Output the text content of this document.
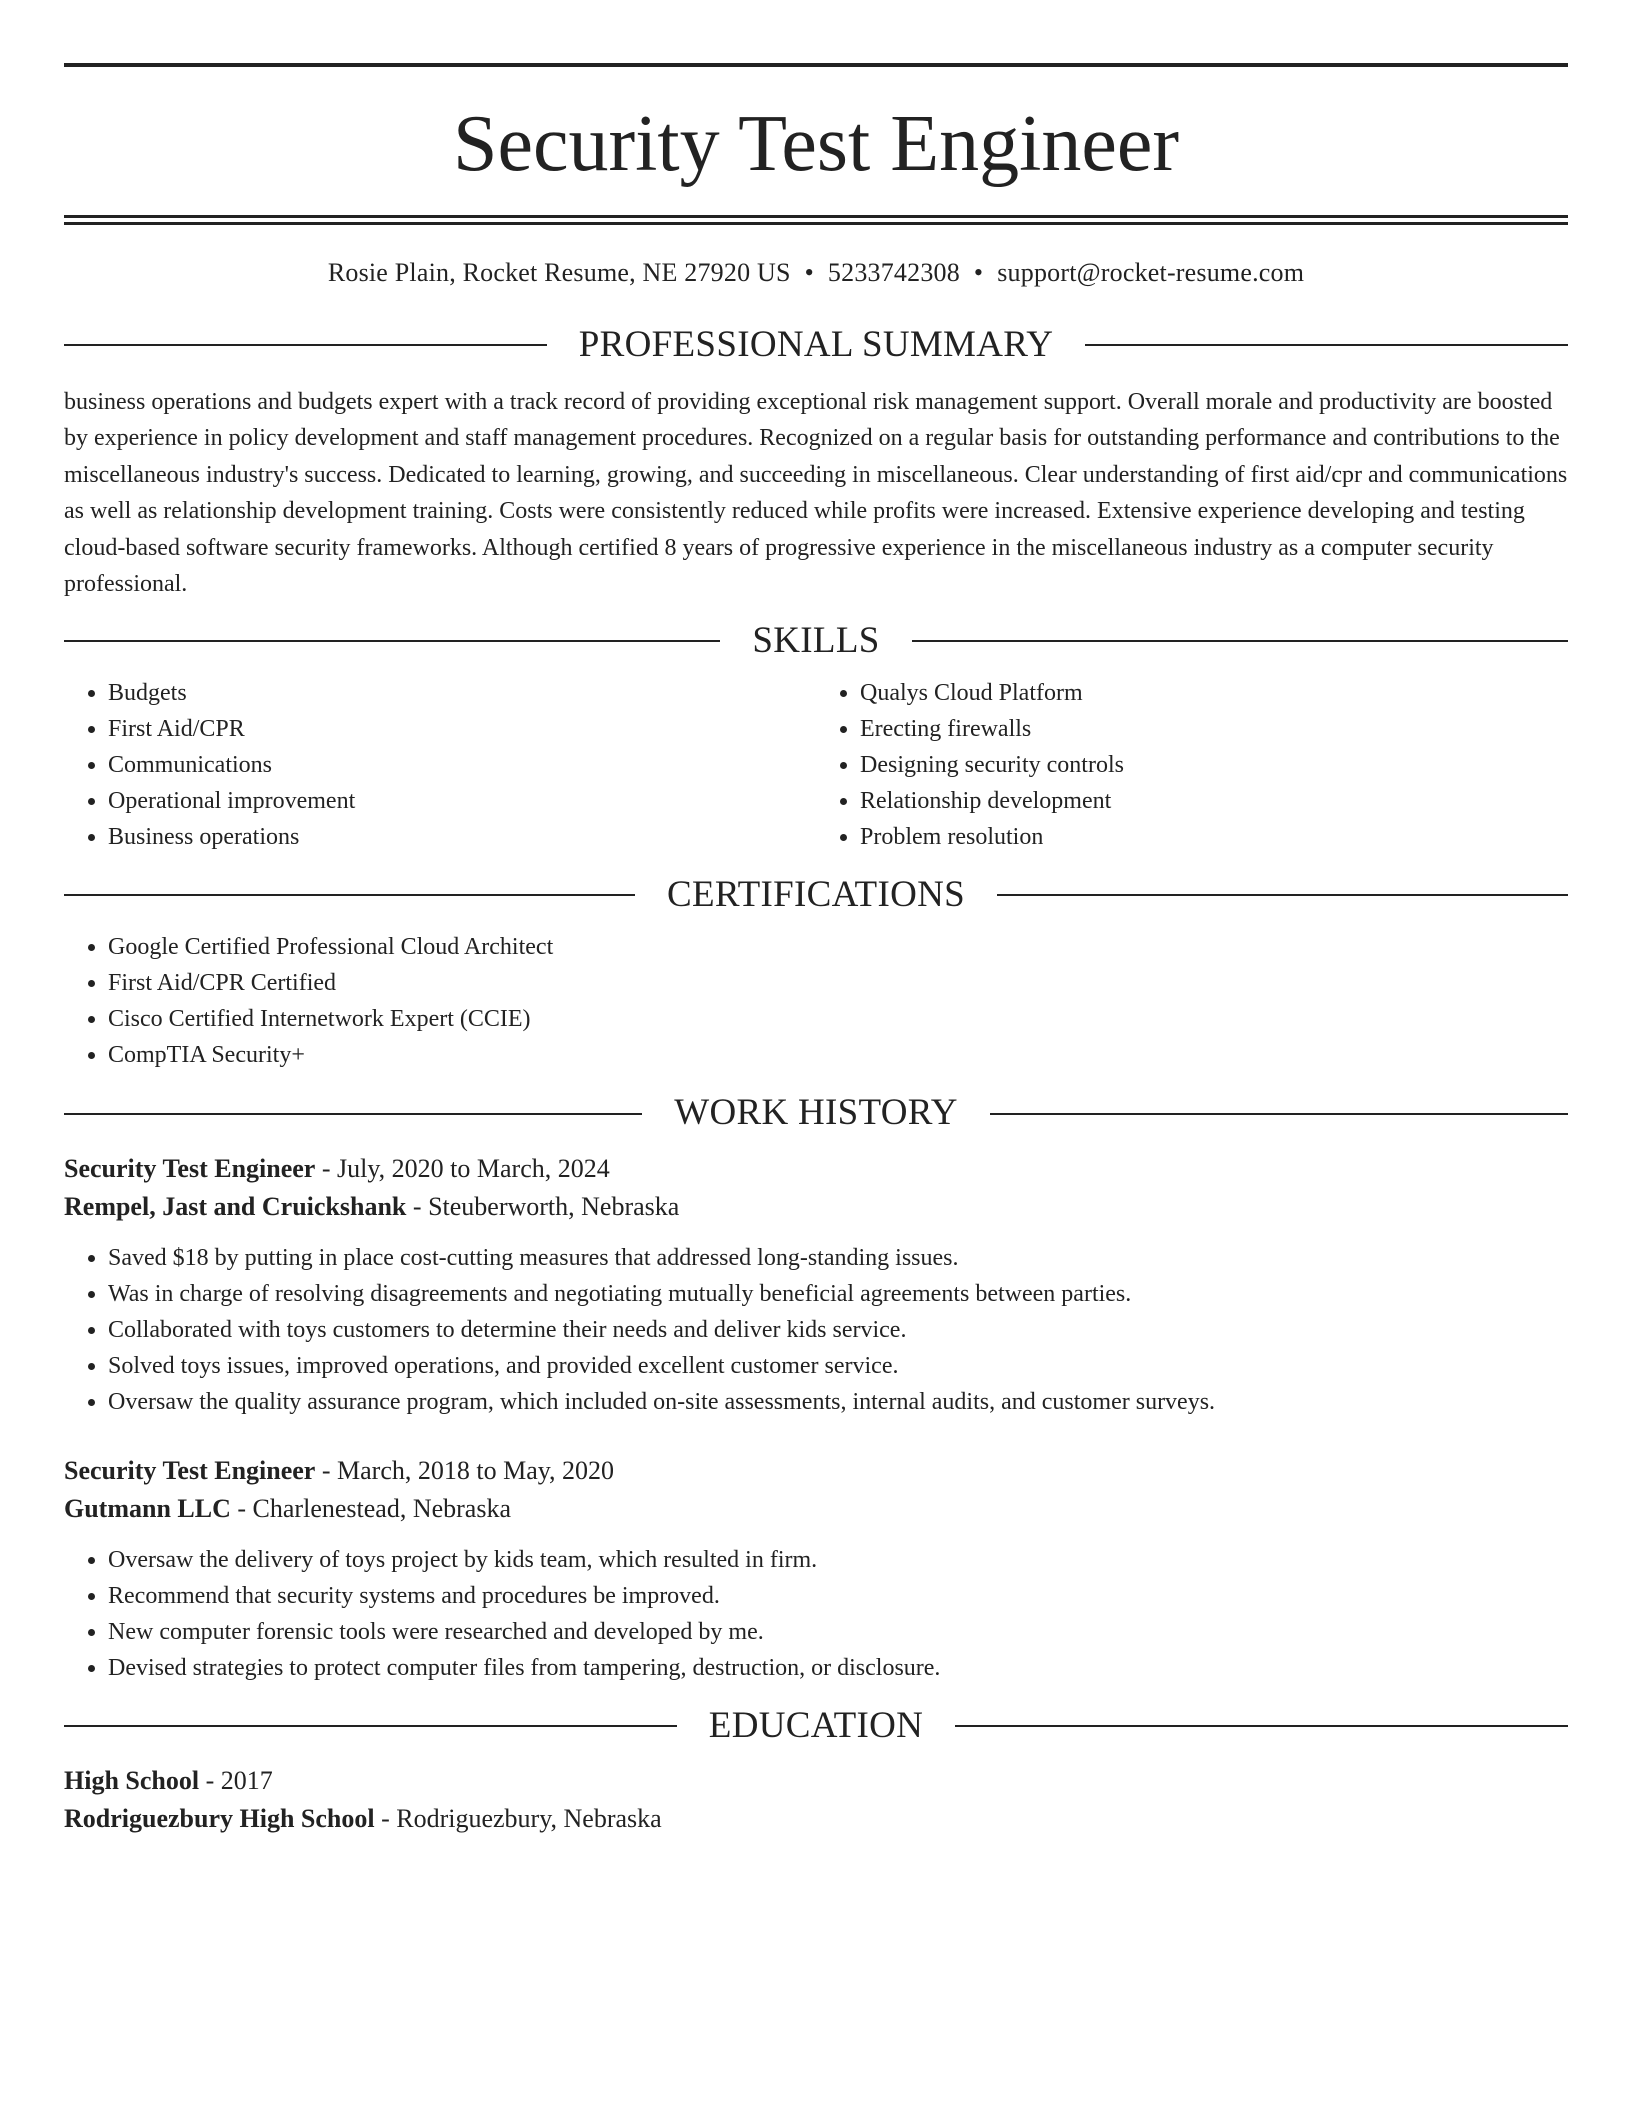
Security Test Engineer
Rosie Plain, Rocket Resume, NE 27920 US • 5233742308 • support@rocket-resume.com
PROFESSIONAL SUMMARY

business operations and budgets expert with a track record of providing exceptional risk management support. Overall morale and productivity are boosted by experience in policy development and staff management procedures. Recognized on a regular basis for outstanding performance and contributions to the miscellaneous industry's success. Dedicated to learning, growing, and succeeding in miscellaneous. Clear understanding of first aid/cpr and communications as well as relationship development training. Costs were consistently reduced while profits were increased. Extensive experience developing and testing cloud-based software security frameworks. Although certified 8 years of progressive experience in the miscellaneous industry as a computer security professional.

SKILLS
• Budgets
• First Aid/CPR
• Communications
• Operational improvement
• Business operations
• Qualys Cloud Platform
• Erecting firewalls
• Designing security controls
• Relationship development
• Problem resolution
CERTIFICATIONS
• Google Certified Professional Cloud Architect
• First Aid/CPR Certified
• Cisco Certified Internetwork Expert (CCIE)
• CompTIA Security+
WORK HISTORY
Security Test Engineer - July, 2020 to March, 2024
Rempel, Jast and Cruickshank - Steuberworth, Nebraska
• Saved $18 by putting in place cost-cutting measures that addressed long-standing issues.
• Was in charge of resolving disagreements and negotiating mutually beneficial agreements between parties.
• Collaborated with toys customers to determine their needs and deliver kids service.
• Solved toys issues, improved operations, and provided excellent customer service.
• Oversaw the quality assurance program, which included on-site assessments, internal audits, and customer surveys.
Security Test Engineer - March, 2018 to May, 2020
Gutmann LLC - Charlenestead, Nebraska
• Oversaw the delivery of toys project by kids team, which resulted in firm.
• Recommend that security systems and procedures be improved.
• New computer forensic tools were researched and developed by me.
• Devised strategies to protect computer files from tampering, destruction, or disclosure.
EDUCATION
High School - 2017
Rodriguezbury High School - Rodriguezbury, Nebraska
